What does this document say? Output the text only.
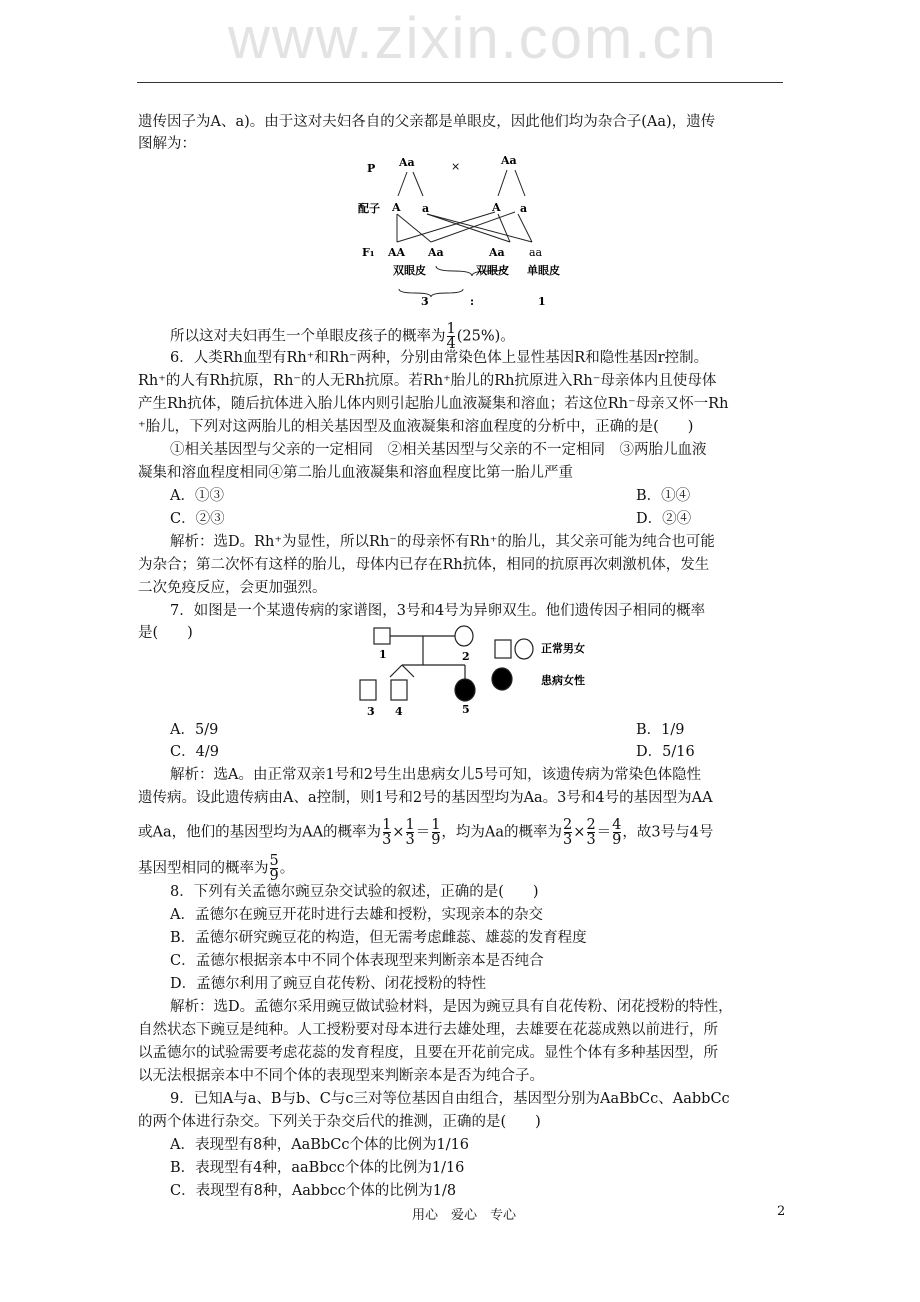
www.zixin.com.cn
遗传因子为A、a)。由于这对夫妇各自的父亲都是单眼皮，因此他们均为杂合子(Aa)，遗传
图解为：
P Aa	×	Aa
配子 A a	A a
F₁ AA Aa	Aa aa
双眼皮	双眼皮 单眼皮
3	:	1
所以这对夫妇再生一个单眼皮孩子的概率为 $\frac{1}{4} (25\%)$。
6．人类Rh血型有Rh⁺和Rh⁻两种，分别由常染色体上显性基因R和隐性基因r控制。
Rh⁺的人有Rh抗原，Rh⁻的人无Rh抗原。若Rh⁺胎儿的Rh抗原进入Rh⁻母亲体内且使母体
产生Rh抗体，随后抗体进入胎儿体内则引起胎儿血液凝集和溶血；若这位Rh⁻母亲又怀一Rh
⁺胎儿，下列对这两胎儿的相关基因型及血液凝集和溶血程度的分析中，正确的是(　　)
①相关基因型与父亲的一定相同　②相关基因型与父亲的不一定相同　③两胎儿血液
凝集和溶血程度相同④第二胎儿血液凝集和溶血程度比第一胎儿严重
A．①③	B．①④
C．②③	D．②④
解析：选D。Rh⁺为显性，所以Rh⁻的母亲怀有Rh⁺的胎儿，其父亲可能为纯合也可能
为杂合；第二次怀有这样的胎儿，母体内已存在Rh抗体，相同的抗原再次刺激机体，发生
二次免疫反应，会更加强烈。
7．如图是一个某遗传病的家谱图，3号和4号为异卵双生。他们遗传因子相同的概率
是(　　)
1	2
3 4	5
正常男女
患病女性
A．5/9	B．1/9
C．4/9	D．5/16
解析：选A。由正常双亲1号和2号生出患病女儿5号可知，该遗传病为常染色体隐性
遗传病。设此遗传病由A、a控制，则1号和2号的基因型均为Aa。3号和4号的基因型为AA
或Aa，他们的基因型均为AA的概率为 $\frac{1}{3} \times \frac{1}{3} = \frac{1}{9}$ ，均为Aa的概率为 $\frac{2}{3} \times \frac{2}{3} = \frac{4}{9}$ ，故3号与4号
基因型相同的概率为 $\frac{5}{9}$ 。
8．下列有关孟德尔豌豆杂交试验的叙述，正确的是(　　)
A．孟德尔在豌豆开花时进行去雄和授粉，实现亲本的杂交
B．孟德尔研究豌豆花的构造，但无需考虑雌蕊、雄蕊的发育程度
C．孟德尔根据亲本中不同个体表现型来判断亲本是否纯合
D．孟德尔利用了豌豆自花传粉、闭花授粉的特性
解析：选D。孟德尔采用豌豆做试验材料，是因为豌豆具有自花传粉、闭花授粉的特性，
自然状态下豌豆是纯种。人工授粉要对母本进行去雄处理，去雄要在花蕊成熟以前进行，所
以孟德尔的试验需要考虑花蕊的发育程度，且要在开花前完成。显性个体有多种基因型，所
以无法根据亲本中不同个体的表现型来判断亲本是否为纯合子。
9．已知A与a、B与b、C与c三对等位基因自由组合，基因型分别为AaBbCc、AabbCc
的两个体进行杂交。下列关于杂交后代的推测，正确的是(　　)
A．表现型有8种，AaBbCc个体的比例为1/16
B．表现型有4种，aaBbcc个体的比例为1/16
C．表现型有8种，Aabbcc个体的比例为1/8
用心　爱心　专心	2
